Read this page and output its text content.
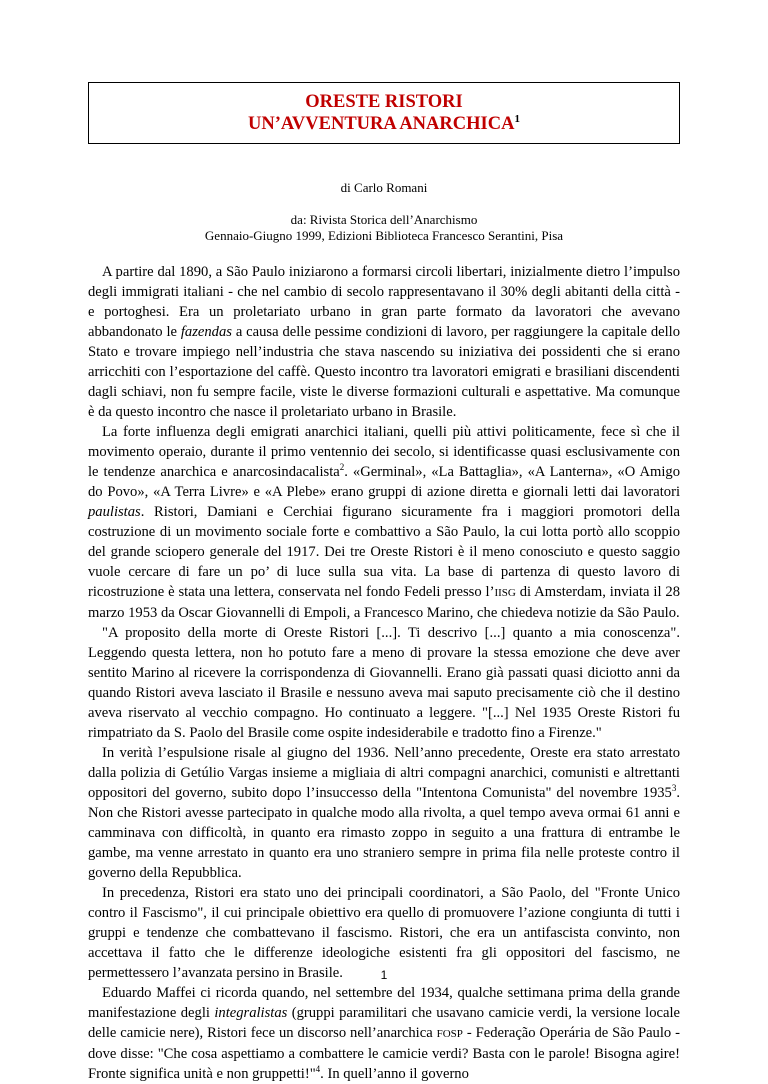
ORESTE RISTORI
UN’AVVENTURA ANARCHICA$^1$
di Carlo Romani
da: Rivista Storica dell’Anarchismo
Gennaio-Giugno 1999, Edizioni Biblioteca Francesco Serantini, Pisa

A partire dal 1890, a São Paulo iniziarono a formarsi circoli libertari, inizialmente dietro l’impulso degli immigrati italiani - che nel cambio di secolo rappresentavano il 30% degli abitanti della città - e portoghesi. Era un proletariato urbano in gran parte formato da lavoratori che avevano abbandonato le fazendas a causa delle pessime condizioni di lavoro, per raggiungere la capitale dello Stato e trovare impiego nell’industria che stava nascendo su iniziativa dei possidenti che si erano arricchiti con l’esportazione del caffè. Questo incontro tra lavoratori emigrati e brasiliani discendenti dagli schiavi, non fu sempre facile, viste le diverse formazioni culturali e aspettative. Ma comunque è da questo incontro che nasce il proletariato urbano in Brasile.

La forte influenza degli emigrati anarchici italiani, quelli più attivi politicamente, fece sì che il movimento operaio, durante il primo ventennio dei secolo, si identificasse quasi esclusivamente con le tendenze anarchica e anarcosindacalista$^2$. «Germinal», «La Battaglia», «A Lanterna», «O Amigo do Povo», «A Terra Livre» e «A Plebe» erano gruppi di azione diretta e giornali letti dai lavoratori paulistas. Ristori, Damiani e Cerchiai figurano sicuramente fra i maggiori promotori della costruzione di un movimento sociale forte e combattivo a São Paulo, la cui lotta portò allo scoppio del grande sciopero generale del 1917. Dei tre Oreste Ristori è il meno conosciuto e questo saggio vuole cercare di fare un po’ di luce sulla sua vita. La base di partenza di questo lavoro di ricostruzione è stata una lettera, conservata nel fondo Fedeli presso l’IISG di Amsterdam, inviata il 28 marzo 1953 da Oscar Giovannelli di Empoli, a Francesco Marino, che chiedeva notizie da São Paulo.

"A proposito della morte di Oreste Ristori [...]. Ti descrivo [...] quanto a mia conoscenza". Leggendo questa lettera, non ho potuto fare a meno di provare la stessa emozione che deve aver sentito Marino al ricevere la corrispondenza di Giovannelli. Erano già passati quasi diciotto anni da quando Ristori aveva lasciato il Brasile e nessuno aveva mai saputo precisamente ciò che il destino aveva riservato al vecchio compagno. Ho continuato a leggere. "[...] Nel 1935 Oreste Ristori fu rimpatriato da S. Paolo del Brasile come ospite indesiderabile e tradotto fino a Firenze."

In verità l’espulsione risale al giugno del 1936. Nell’anno precedente, Oreste era stato arrestato dalla polizia di Getúlio Vargas insieme a migliaia di altri compagni anarchici, comunisti e altrettanti oppositori del governo, subito dopo l’insuccesso della "Intentona Comunista" del novembre 1935$^3$. Non che Ristori avesse partecipato in qualche modo alla rivolta, a quel tempo aveva ormai 61 anni e camminava con difficoltà, in quanto era rimasto zoppo in seguito a una frattura di entrambe le gambe, ma venne arrestato in quanto era uno straniero sempre in prima fila nelle proteste contro il governo della Repubblica.

In precedenza, Ristori era stato uno dei principali coordinatori, a São Paolo, del "Fronte Unico contro il Fascismo", il cui principale obiettivo era quello di promuovere l’azione congiunta di tutti i gruppi e tendenze che combattevano il fascismo. Ristori, che era un antifascista convinto, non accettava il fatto che le differenze ideologiche esistenti fra gli oppositori del fascismo, ne permettessero l’avanzata persino in Brasile.

Eduardo Maffei ci ricorda quando, nel settembre del 1934, qualche settimana prima della grande manifestazione degli integralistas (gruppi paramilitari che usavano camicie verdi, la versione locale delle camicie nere), Ristori fece un discorso nell’anarchica FOSP - Federação Operária de São Paulo - dove disse: "Che cosa aspettiamo a combattere le camicie verdi? Basta con le parole! Bisogna agire! Fronte significa unità e non gruppetti!"$^4$. In quell’anno il governo

1
